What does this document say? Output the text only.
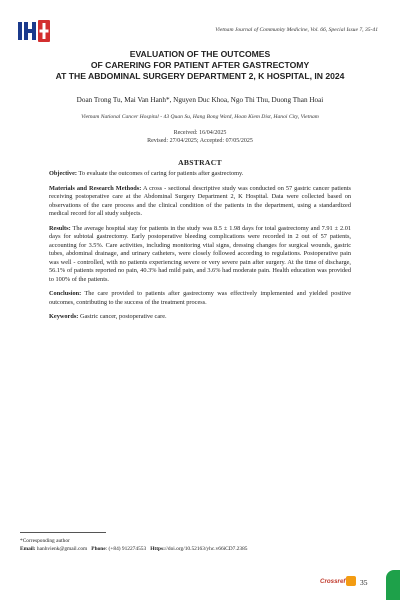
Vietnam Journal of Community Medicine, Vol. 66, Special Issue 7, 35-41
EVALUATION OF THE OUTCOMES
OF CARERING FOR PATIENT AFTER GASTRECTOMY
AT THE ABDOMINAL SURGERY DEPARTMENT 2, K HOSPITAL, IN 2024
Doan Trong Tu, Mai Van Hanh*, Nguyen Duc Khoa, Ngo Thi Thu, Duong Than Hoai
Vietnam National Cancer Hospital - 43 Quan Su, Hang Bong Ward, Hoan Kiem Dist, Hanoi City, Vietnam
Received: 16/04/2025
Revised: 27/04/2025; Accepted: 07/05/2025
ABSTRACT

Objective: To evaluate the outcomes of caring for patients after gastrectomy.

Materials and Research Methods: A cross - sectional descriptive study was conducted on 57 gastric cancer patients receiving postoperative care at the Abdominal Surgery Department 2, K Hospital. Data were collected based on observations of the care process and the clinical condition of the patients in the department, using a standardized medical record for all study subjects.

Results: The average hospital stay for patients in the study was 8.5 ± 1.98 days for total gastrectomy and 7.91 ± 2.01 days for subtotal gastrectomy. Early postoperative bleeding complications were recorded in 2 out of 57 patients, accounting for 3.5%. Care activities, including monitoring vital signs, dressing changes for surgical wounds, gastric tubes, abdominal drainage, and urinary catheters, were closely followed according to regulations. Postoperative pain was well - controlled, with no patients experiencing severe or very severe pain after surgery. At the time of discharge, 56.1% of patients reported no pain, 40.3% had mild pain, and 3.6% had moderate pain. Health education was provided to 100% of the patients.

Conclusion: The care provided to patients after gastrectomy was effectively implemented and yielded positive outcomes, contributing to the success of the treatment process.

Keywords: Gastric cancer, postoperative care.

*Corresponding author
Email: hanhvienk@gmail.com Phone: (+84) 912274553 Https://doi.org/10.52163/yhc.v66iCD7.2385
Crossref 35
